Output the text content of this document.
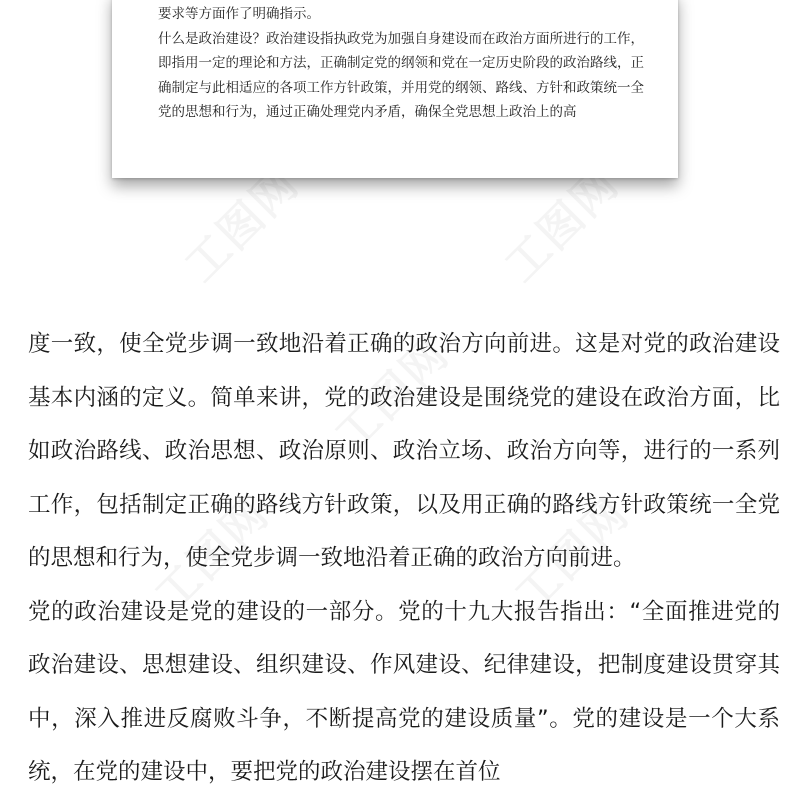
要求等方面作了明确指示。

什么是政治建设？政治建设指执政党为加强自身建设而在政治方面所进行的工作，即指用一定的理论和方法，正确制定党的纲领和党在一定历史阶段的政治路线，正确制定与此相适应的各项工作方针政策，并用党的纲领、路线、方针和政策统一全党的思想和行为，通过正确处理党内矛盾，确保全党思想上政治上的高

度一致，使全党步调一致地沿着正确的政治方向前进。这是对党的政治建设基本内涵的定义。简单来讲，党的政治建设是围绕党的建设在政治方面，比如政治路线、政治思想、政治原则、政治立场、政治方向等，进行的一系列工作，包括制定正确的路线方针政策，以及用正确的路线方针政策统一全党的思想和行为，使全党步调一致地沿着正确的政治方向前进。

党的政治建设是党的建设的一部分。党的十九大报告指出：“全面推进党的政治建设、思想建设、组织建设、作风建设、纪律建设，把制度建设贯穿其中，深入推进反腐败斗争，不断提高党的建设质量”。党的建设是一个大系统，在党的建设中，要把党的政治建设摆在首位
